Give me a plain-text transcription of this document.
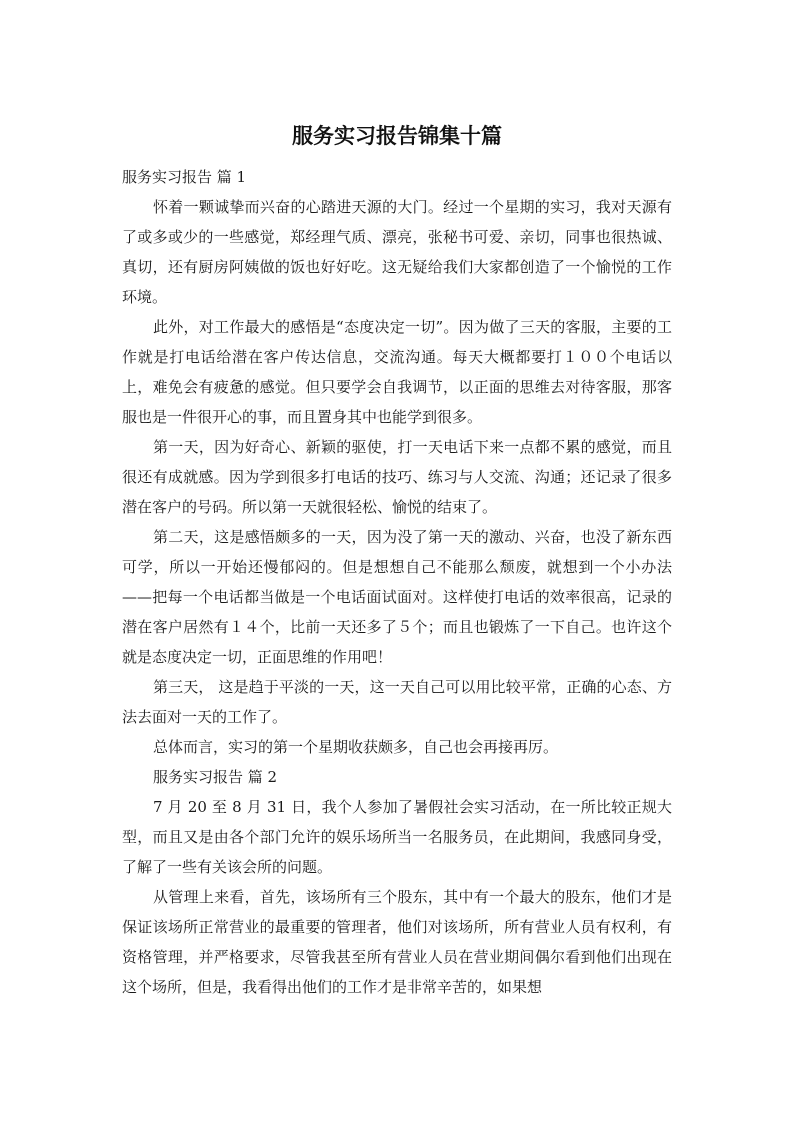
服务实习报告锦集十篇

服务实习报告 篇 1

怀着一颗诚挚而兴奋的心踏进天源的大门。经过一个星期的实习，我对天源有了或多或少的一些感觉，郑经理气质、漂亮，张秘书可爱、亲切，同事也很热诚、真切，还有厨房阿姨做的饭也好好吃。这无疑给我们大家都创造了一个愉悦的工作环境。

此外，对工作最大的感悟是“态度决定一切”。因为做了三天的客服，主要的工作就是打电话给潜在客户传达信息，交流沟通。每天大概都要打１００个电话以上，难免会有疲惫的感觉。但只要学会自我调节，以正面的思维去对待客服，那客服也是一件很开心的事，而且置身其中也能学到很多。

第一天，因为好奇心、新颖的驱使，打一天电话下来一点都不累的感觉，而且很还有成就感。因为学到很多打电话的技巧、练习与人交流、沟通；还记录了很多潜在客户的号码。所以第一天就很轻松、愉悦的结束了。

第二天，这是感悟颇多的一天，因为没了第一天的激动、兴奋，也没了新东西可学，所以一开始还慢郁闷的。但是想想自己不能那么颓废，就想到一个小办法——把每一个电话都当做是一个电话面试面对。这样使打电话的效率很高，记录的潜在客户居然有１４个，比前一天还多了５个；而且也锻炼了一下自己。也许这个就是态度决定一切，正面思维的作用吧！

第三天， 这是趋于平淡的一天，这一天自己可以用比较平常，正确的心态、方法去面对一天的工作了。

总体而言，实习的第一个星期收获颇多，自己也会再接再厉。

服务实习报告 篇 2

7 月 20 至 8 月 31 日，我个人参加了暑假社会实习活动，在一所比较正规大型，而且又是由各个部门允许的娱乐场所当一名服务员，在此期间，我感同身受，了解了一些有关该会所的问题。

从管理上来看，首先，该场所有三个股东，其中有一个最大的股东，他们才是保证该场所正常营业的最重要的管理者，他们对该场所，所有营业人员有权利，有资格管理，并严格要求，尽管我甚至所有营业人员在营业期间偶尔看到他们出现在这个场所，但是，我看得出他们的工作才是非常辛苦的，如果想
